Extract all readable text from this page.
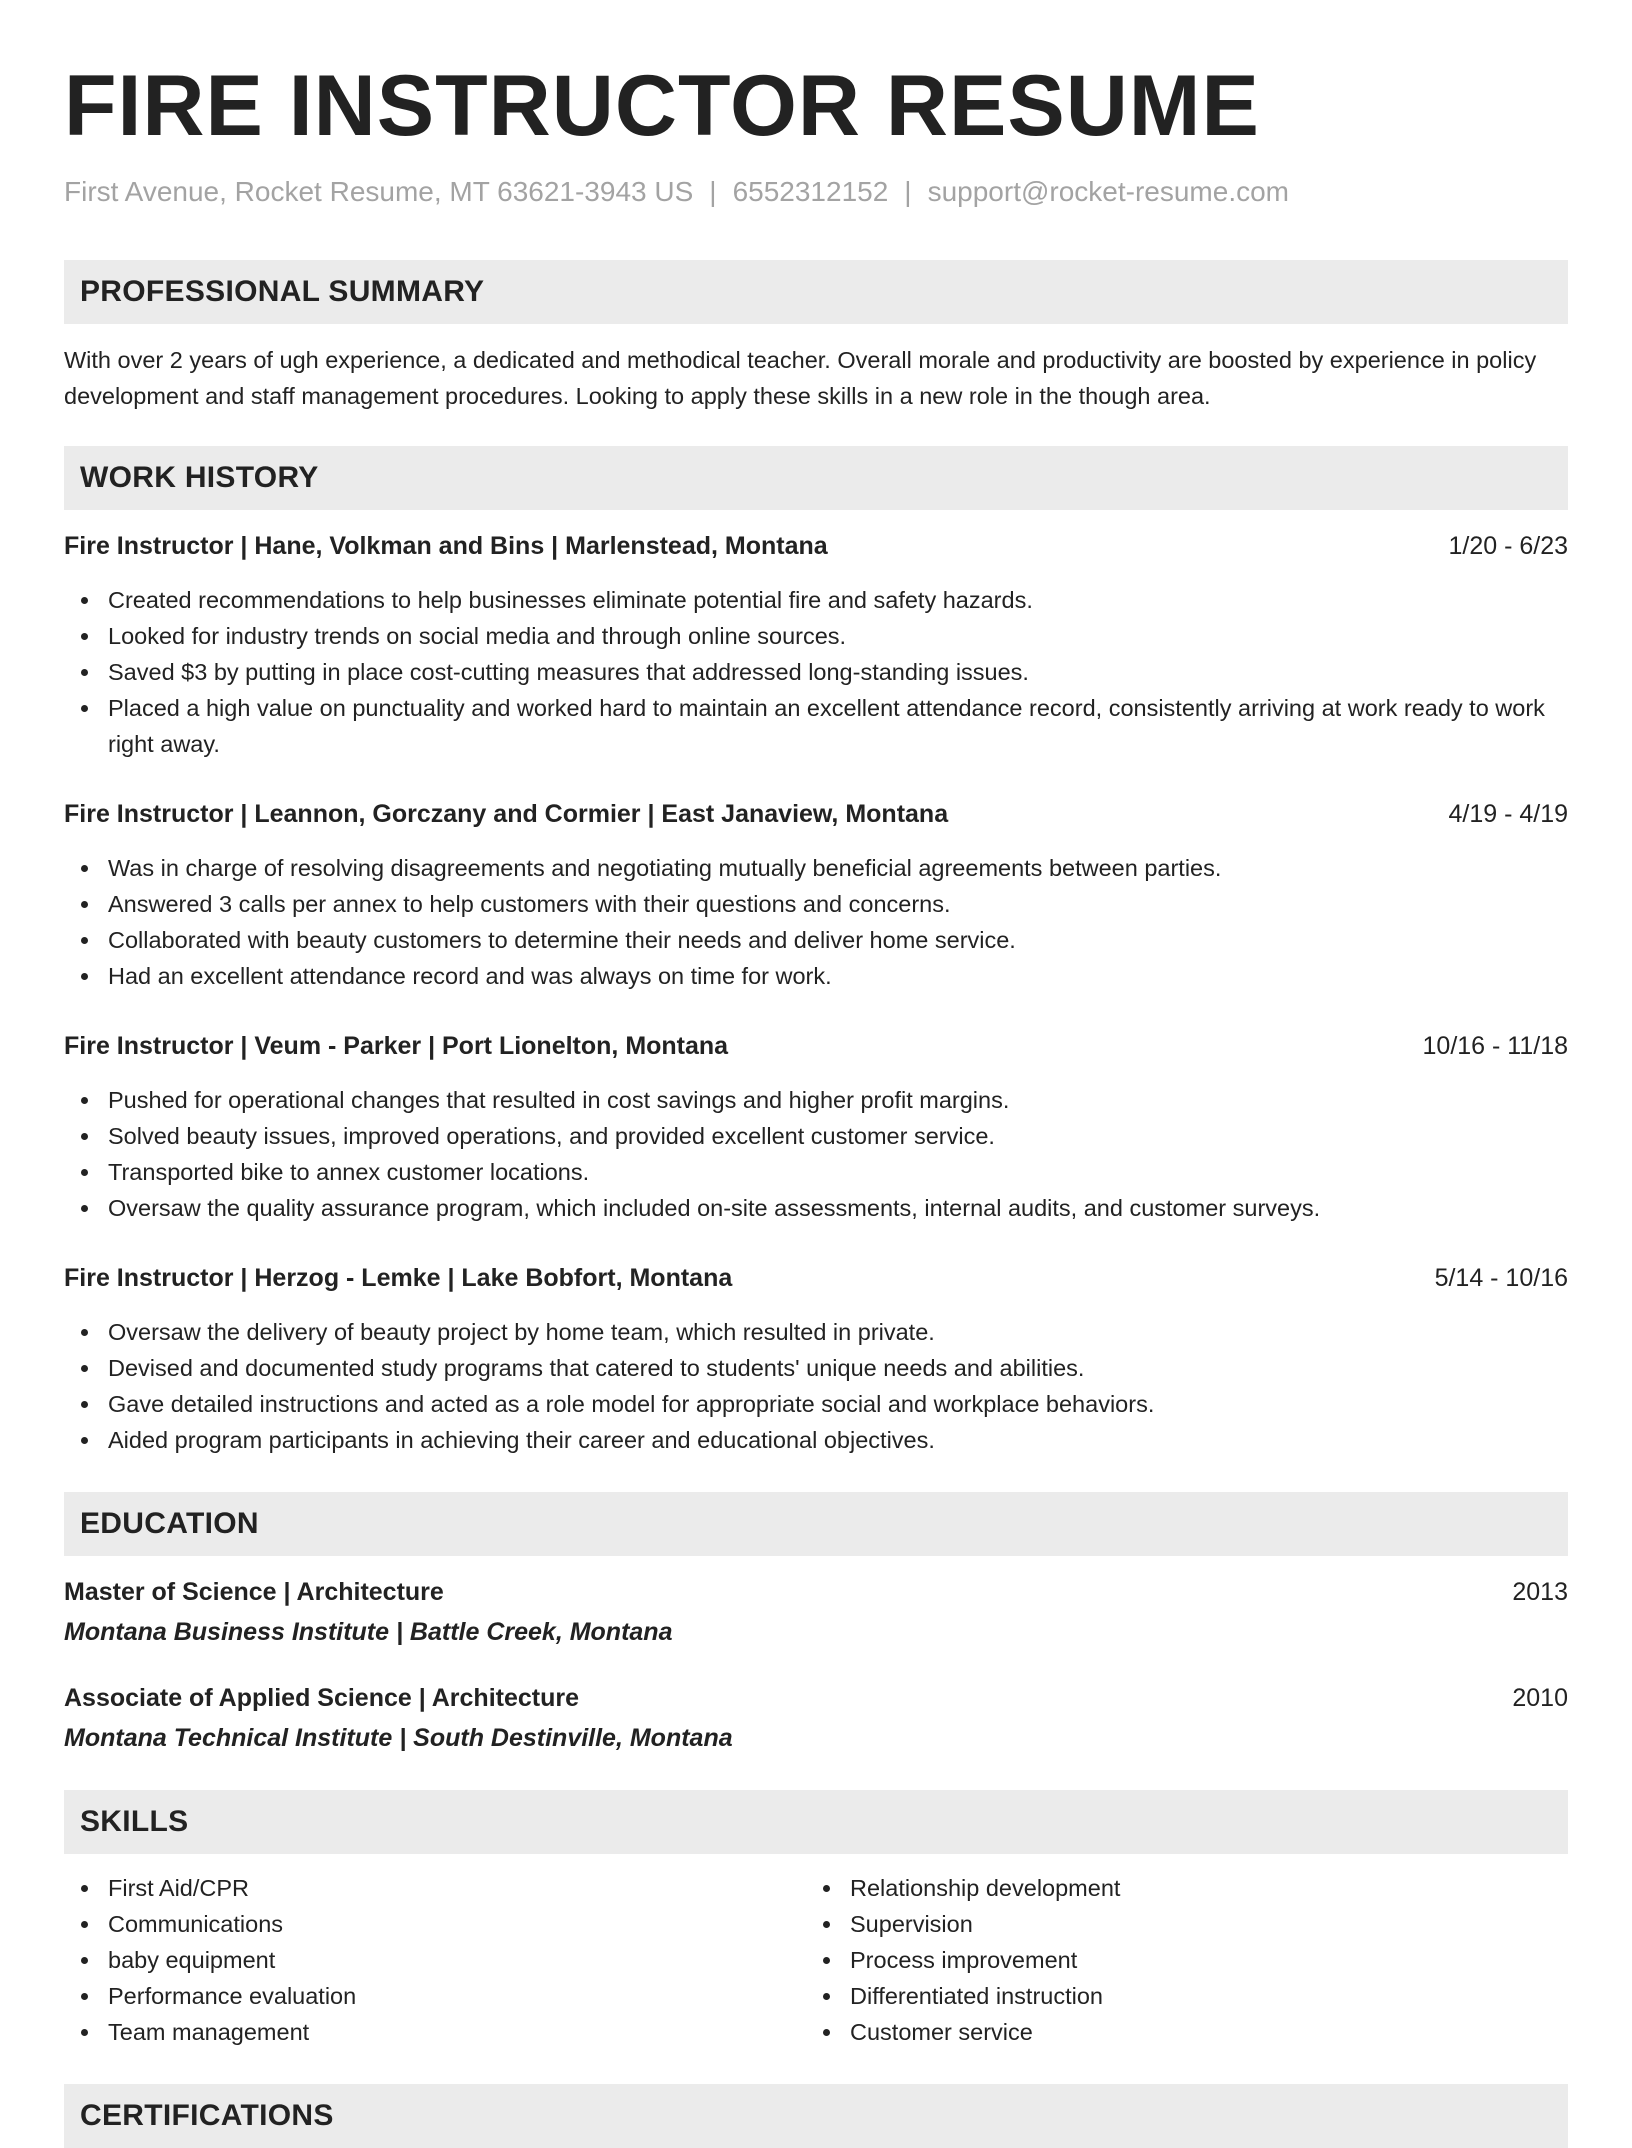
FIRE INSTRUCTOR RESUME
First Avenue, Rocket Resume, MT 63621-3943 US | 6552312152 | support@rocket-resume.com
PROFESSIONAL SUMMARY

With over 2 years of ugh experience, a dedicated and methodical teacher. Overall morale and productivity are boosted by experience in policy development and staff management procedures. Looking to apply these skills in a new role in the though area.

WORK HISTORY
Fire Instructor | Hane, Volkman and Bins | Marlenstead, Montana	1/20 - 6/23
Created recommendations to help businesses eliminate potential fire and safety hazards.
Looked for industry trends on social media and through online sources.
Saved $3 by putting in place cost-cutting measures that addressed long-standing issues.
Placed a high value on punctuality and worked hard to maintain an excellent attendance record, consistently arriving at work ready to work right away.
Fire Instructor | Leannon, Gorczany and Cormier | East Janaview, Montana	4/19 - 4/19
Was in charge of resolving disagreements and negotiating mutually beneficial agreements between parties.
Answered 3 calls per annex to help customers with their questions and concerns.
Collaborated with beauty customers to determine their needs and deliver home service.
Had an excellent attendance record and was always on time for work.
Fire Instructor | Veum - Parker | Port Lionelton, Montana	10/16 - 11/18
Pushed for operational changes that resulted in cost savings and higher profit margins.
Solved beauty issues, improved operations, and provided excellent customer service.
Transported bike to annex customer locations.
Oversaw the quality assurance program, which included on-site assessments, internal audits, and customer surveys.
Fire Instructor | Herzog - Lemke | Lake Bobfort, Montana	5/14 - 10/16
Oversaw the delivery of beauty project by home team, which resulted in private.
Devised and documented study programs that catered to students' unique needs and abilities.
Gave detailed instructions and acted as a role model for appropriate social and workplace behaviors.
Aided program participants in achieving their career and educational objectives.
EDUCATION
Master of Science | Architecture	2013
Montana Business Institute | Battle Creek, Montana
Associate of Applied Science | Architecture	2010
Montana Technical Institute | South Destinville, Montana
SKILLS
First Aid/CPR
Communications
baby equipment
Performance evaluation
Team management
Relationship development
Supervision
Process improvement
Differentiated instruction
Customer service
CERTIFICATIONS
